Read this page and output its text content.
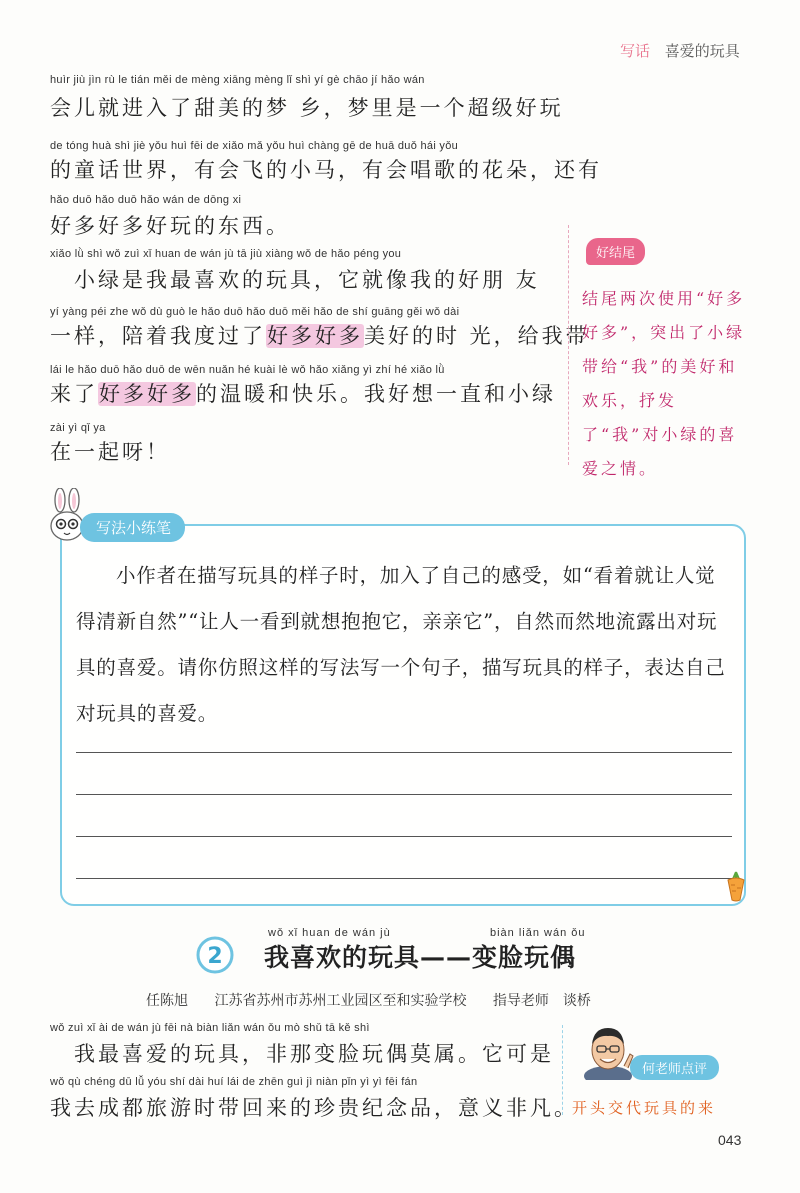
写话 喜爱的玩具
huìr jiù jìn rù le tián měi de mèng xiāng mèng lǐ shì yí gè chāo jí hǎo wán
会儿就进入了甜美的梦 乡，梦里是一个超级好玩
de tóng huà shì jiè yǒu huì fēi de xiǎo mǎ yǒu huì chàng gē de huā duǒ hái yǒu
的童话世界，有会飞的小马，有会唱歌的花朵，还有
hǎo duō hǎo duō hǎo wán de dōng xi
好多好多好玩的东西。
xiǎo lǜ shì wǒ zuì xǐ huan de wán jù tā jiù xiàng wǒ de hǎo péng you
　小绿是我最喜欢的玩具，它就像我的好朋 友
yí yàng péi zhe wǒ dù guò le hǎo duō hǎo duō měi hǎo de shí guāng gěi wǒ dài
一样，陪着我度过了好多好多美好的时 光，给我带
lái le hǎo duō hǎo duō de wēn nuǎn hé kuài lè wǒ hǎo xiǎng yì zhí hé xiǎo lǜ
来了好多好多的温暖和快乐。我好想一直和小绿
zài yì qǐ ya
在一起呀！
好结尾
结尾两次使用“好多好多”，突出了小绿带给“我”的美好和欢乐，抒发了“我”对小绿的喜爱之情。
写法小练笔
小作者在描写玩具的样子时，加入了自己的感受，如“看着就让人觉得清新自然”“让人一看到就想抱抱它，亲亲它”，自然而然地流露出对玩具的喜爱。请你仿照这样的写法写一个句子，描写玩具的样子，表达自己对玩具的喜爱。
2
wǒ xǐ huan de wán jù	biàn liǎn wán ǒu
我喜欢的玩具——变脸玩偶
任陈旭 江苏省苏州市苏州工业园区至和实验学校 指导老师　谈桥
wǒ zuì xǐ ài de wán jù fēi nà biàn liǎn wán ǒu mò shǔ tā kě shì
　我最喜爱的玩具，非那变脸玩偶莫属。它可是
wǒ qù chéng dū lǚ yóu shí dài huí lái de zhēn guì jì niàn pǐn yì yì fēi fán
我去成都旅游时带回来的珍贵纪念品，意义非凡。
何老师点评
开头交代玩具的来
043
